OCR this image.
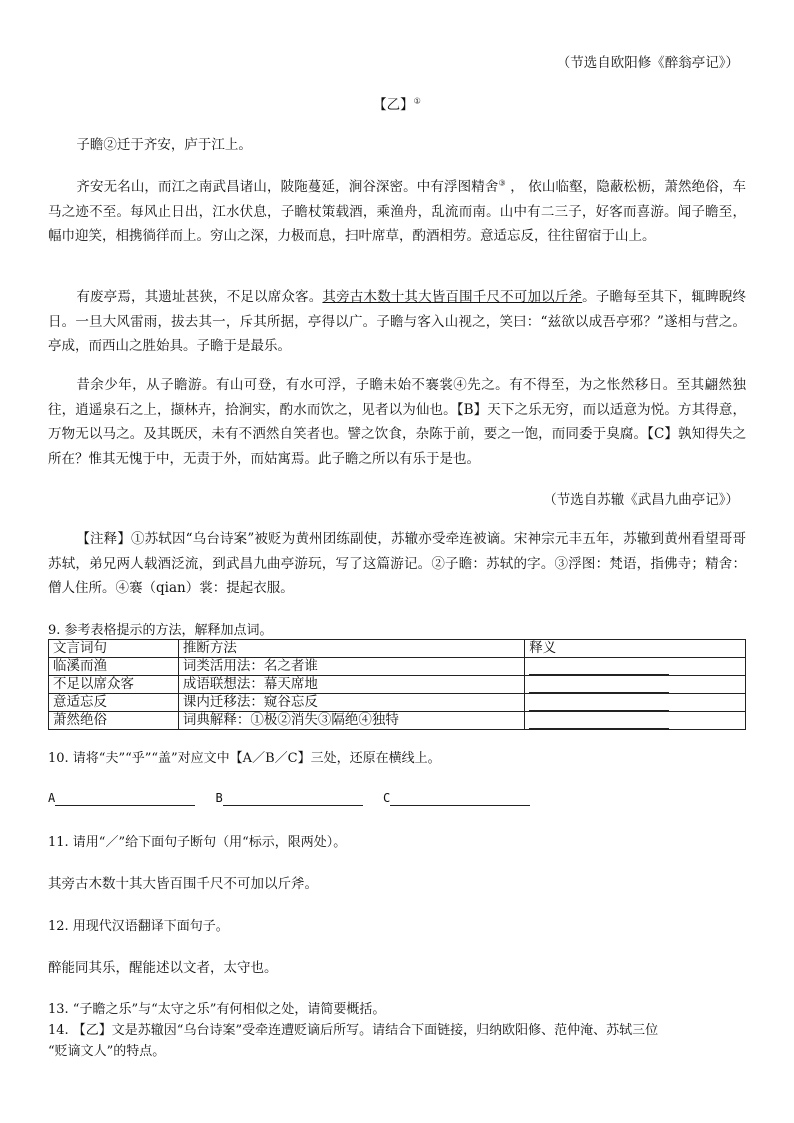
（节选自欧阳修《醉翁亭记》）
【乙】①
子瞻②迁于齐安，庐于江上。
齐安无名山，而江之南武昌诸山，陂陁蔓延，涧谷深密。中有浮图精舍③ ， 依山临壑，隐蔽松枥，萧然绝俗，车马之迹不至。每风止日出，江水伏息，子瞻杖策载酒，乘渔舟，乱流而南。山中有二三子，好客而喜游。闻子瞻至，幅巾迎笑，相携徜徉而上。穷山之深，力极而息，扫叶席草，酌酒相劳。意适忘反，往往留宿于山上。
有废亭焉，其遗址甚狭，不足以席众客。其旁古木数十其大皆百围千尺不可加以斤斧。子瞻每至其下，辄睥睨终日。一旦大风雷雨，拔去其一，斥其所据，亭得以广。子瞻与客入山视之，笑曰：“兹欲以成吾亭邪？”遂相与营之。亭成，而西山之胜始具。子瞻于是最乐。
昔余少年，从子瞻游。有山可登，有水可浮，子瞻未始不褰裳④先之。有不得至，为之怅然移日。至其翩然独往，逍遥泉石之上，撷林卉，拾涧实，酌水而饮之，见者以为仙也。【B】天下之乐无穷，而以适意为悦。方其得意，万物无以马之。及其既厌，未有不洒然自笑者也。譬之饮食，杂陈于前，要之一饱，而同委于臭腐。【C】孰知得失之所在？惟其无愧于中，无责于外，而姑寓焉。此子瞻之所以有乐于是也。
（节选自苏辙《武昌九曲亭记》）
【注释】①苏轼因“乌台诗案”被贬为黄州团练副使，苏辙亦受牵连被谪。宋神宗元丰五年，苏辙到黄州看望哥哥苏轼，弟兄两人载酒泛流，到武昌九曲亭游玩，写了这篇游记。②子瞻：苏轼的字。③浮图：梵语，指佛寺；精舍：僧人住所。④褰（qian）裳：提起衣服。
9. 参考表格提示的方法，解释加点词。
文言词句	推断方法	释义
临溪而渔	词类活用法：名之者谁	
不足以席众客	成语联想法：幕天席地	
意适忘反	课内迁移法：窥谷忘反	
萧然绝俗	词典解释：①极②消失③隔绝④独特	
10. 请将“夫”“乎”“盖”对应文中【A／B／C】三处，还原在横线上。
A	B	C
11. 请用“／”给下面句子断句（用“标示，限两处）。
其旁古木数十其大皆百围千尺不可加以斤斧。
12. 用现代汉语翻译下面句子。
醉能同其乐，醒能述以文者，太守也。
13. “子瞻之乐”与“太守之乐”有何相似之处，请简要概括。
14. 【乙】文是苏辙因“乌台诗案”受牵连遭贬谪后所写。请结合下面链接，归纳欧阳修、范仲淹、苏轼三位
“贬谪文人”的特点。
